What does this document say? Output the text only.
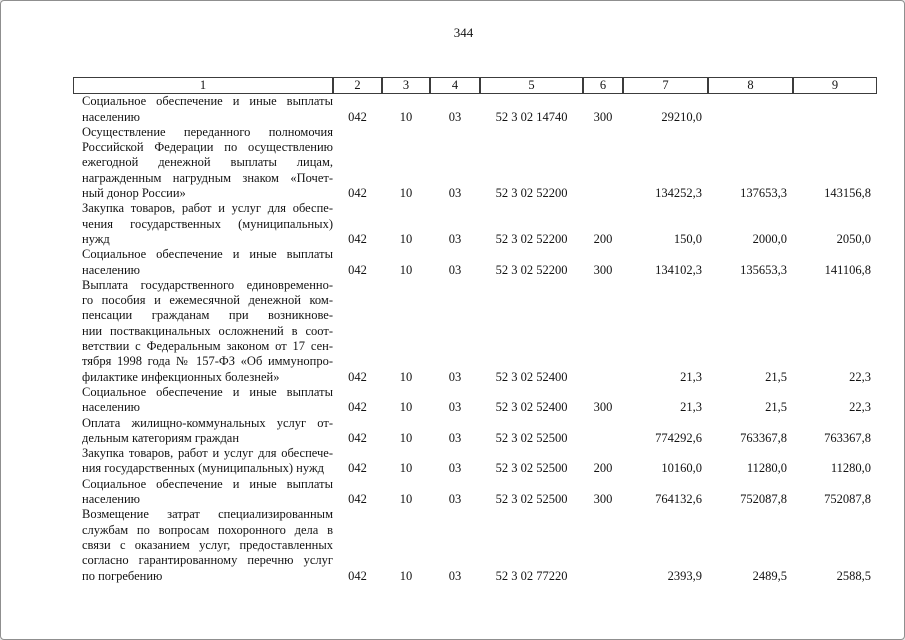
344
1	2	3	4	5	6	7	8	9

Социальное обеспечение и иные выплаты
населению	042	10	03	52 3 02 14740	300	29210,0		

Осуществление переданного полномочия
Российской Федерации по осуществлению
ежегодной денежной выплаты лицам,
награжденным нагрудным знаком «Почет-
ный донор России»	042	10	03	52 3 02 52200		134252,3	137653,3	143156,8

Закупка товаров, работ и услуг для обеспе-
чения государственных (муниципальных)
нужд	042	10	03	52 3 02 52200	200	150,0	2000,0	2050,0

Социальное обеспечение и иные выплаты
населению	042	10	03	52 3 02 52200	300	134102,3	135653,3	141106,8

Выплата государственного единовременно-
го пособия и ежемесячной денежной ком-
пенсации гражданам при возникнове-
нии поствакцинальных осложнений в соот-
ветствии с Федеральным законом от 17 сен-
тября 1998 года № 157-ФЗ «Об иммунопро-
филактике инфекционных болезней»	042	10	03	52 3 02 52400		21,3	21,5	22,3

Социальное обеспечение и иные выплаты
населению	042	10	03	52 3 02 52400	300	21,3	21,5	22,3

Оплата жилищно-коммунальных услуг от-
дельным категориям граждан	042	10	03	52 3 02 52500		774292,6	763367,8	763367,8

Закупка товаров, работ и услуг для обеспече-
ния государственных (муниципальных) нужд	042	10	03	52 3 02 52500	200	10160,0	11280,0	11280,0

Социальное обеспечение и иные выплаты
населению	042	10	03	52 3 02 52500	300	764132,6	752087,8	752087,8

Возмещение затрат специализированным
службам по вопросам похоронного дела в
связи с оказанием услуг, предоставленных
согласно гарантированному перечню услуг
по погребению	042	10	03	52 3 02 77220		2393,9	2489,5	2588,5
